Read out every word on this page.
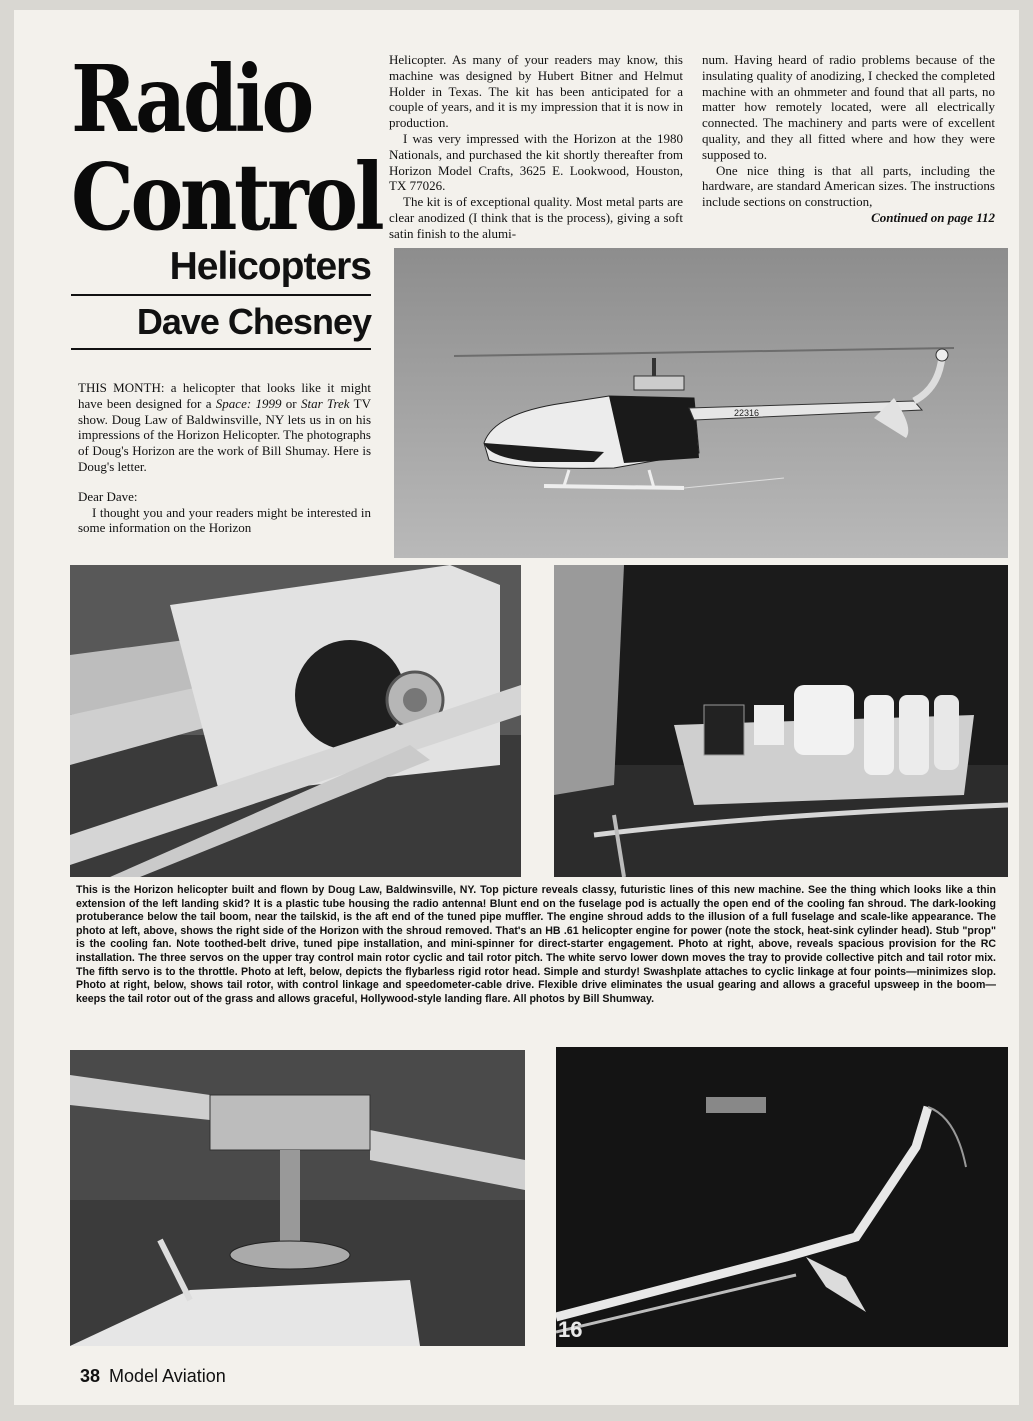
Radio
Control
Helicopters
Dave Chesney

THIS MONTH: a helicopter that looks like it might have been designed for a Space: 1999 or Star Trek TV show. Doug Law of Baldwinsville, NY lets us in on his impressions of the Horizon Helicopter. The photographs of Doug's Horizon are the work of Bill Shumay. Here is Doug's letter.

Dear Dave:

I thought you and your readers might be interested in some information on the Horizon

Helicopter. As many of your readers may know, this machine was designed by Hubert Bitner and Helmut Holder in Texas. The kit has been anticipated for a couple of years, and it is my impression that it is now in production.

I was very impressed with the Horizon at the 1980 Nationals, and purchased the kit shortly thereafter from Horizon Model Crafts, 3625 E. Lookwood, Houston, TX 77026.

The kit is of exceptional quality. Most metal parts are clear anodized (I think that is the process), giving a soft satin finish to the alumi-

num. Having heard of radio problems because of the insulating quality of anodizing, I checked the completed machine with an ohmmeter and found that all parts, no matter how remotely located, were all electrically connected. The machinery and parts were of excellent quality, and they all fitted where and how they were supposed to.

One nice thing is that all parts, including the hardware, are standard American sizes. The instructions include sections on construction,

Continued on page 112

22316
This is the Horizon helicopter built and flown by Doug Law, Baldwinsville, NY. Top picture reveals classy, futuristic lines of this new machine. See the thing which looks like a thin extension of the left landing skid? It is a plastic tube housing the radio antenna! Blunt end on the fuselage pod is actually the open end of the cooling fan shroud. The dark-looking protuberance below the tail boom, near the tailskid, is the aft end of the tuned pipe muffler. The engine shroud adds to the illusion of a full fuselage and scale-like appearance. The photo at left, above, shows the right side of the Horizon with the shroud removed. That's an HB .61 helicopter engine for power (note the stock, heat-sink cylinder head). Stub "prop" is the cooling fan. Note toothed-belt drive, tuned pipe installation, and mini-spinner for direct-starter engagement. Photo at right, above, reveals spacious provision for the RC installation. The three servos on the upper tray control main rotor cyclic and tail rotor pitch. The white servo lower down moves the tray to provide collective pitch and tail rotor mix. The fifth servo is to the throttle. Photo at left, below, depicts the flybarless rigid rotor head. Simple and sturdy! Swashplate attaches to cyclic linkage at four points—minimizes slop. Photo at right, below, shows tail rotor, with control linkage and speedometer-cable drive. Flexible drive eliminates the usual gearing and allows a graceful upsweep in the boom—keeps the tail rotor out of the grass and allows graceful, Hollywood-style landing flare. All photos by Bill Shumway.
16
38 Model Aviation
